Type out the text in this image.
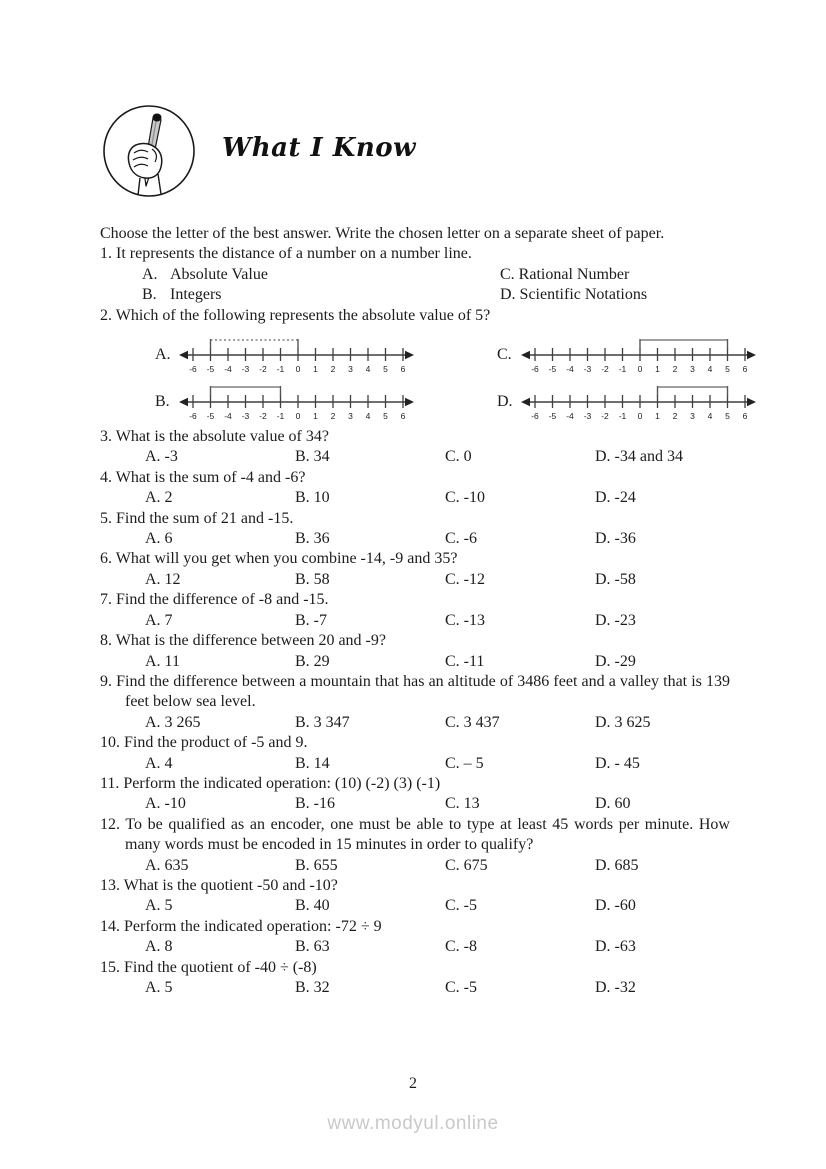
What I Know

Choose the letter of the best answer. Write the chosen letter on a separate sheet of paper.

1. It represents the distance of a number on a number line.

A. Absolute Value	C. Rational Number
B. Integers	D. Scientific Notations

2. Which of the following represents the absolute value of 5?

A.
-6 -5 -4 -3 -2 -1 0 1 2 3 4 5 6
C.
-6 -5 -4 -3 -2 -1 0 1 2 3 4 5 6
B.
-6 -5 -4 -3 -2 -1 0 1 2 3 4 5 6
D.
-6 -5 -4 -3 -2 -1 0 1 2 3 4 5 6

3. What is the absolute value of 34?

A. -3	B. 34	C. 0	D. -34 and 34

4. What is the sum of -4 and -6?

A. 2	B. 10	C. -10	D. -24

5. Find the sum of 21 and -15.

A. 6	B. 36	C. -6	D. -36

6. What will you get when you combine -14, -9 and 35?

A. 12	B. 58	C. -12	D. -58

7. Find the difference of -8 and -15.

A. 7	B. -7	C. -13	D. -23

8. What is the difference between 20 and -9?

A. 11	B. 29	C. -11	D. -29

9. Find the difference between a mountain that has an altitude of 3486 feet and a valley that is 139 feet below sea level.

A. 3 265	B. 3 347	C. 3 437	D. 3 625

10. Find the product of -5 and 9.

A. 4	B. 14	C. – 5	D. - 45

11. Perform the indicated operation: (10) (-2) (3) (-1)

A. -10	B. -16	C. 13	D. 60

12. To be qualified as an encoder, one must be able to type at least 45 words per minute. How many words must be encoded in 15 minutes in order to qualify?

A. 635	B. 655	C. 675	D. 685

13. What is the quotient -50 and -10?

A. 5	B. 40	C. -5	D. -60

14. Perform the indicated operation: -72 ÷ 9

A. 8	B. 63	C. -8	D. -63

15. Find the quotient of -40 ÷ (-8)

A. 5	B. 32	C. -5	D. -32
2
www.modyul.online
